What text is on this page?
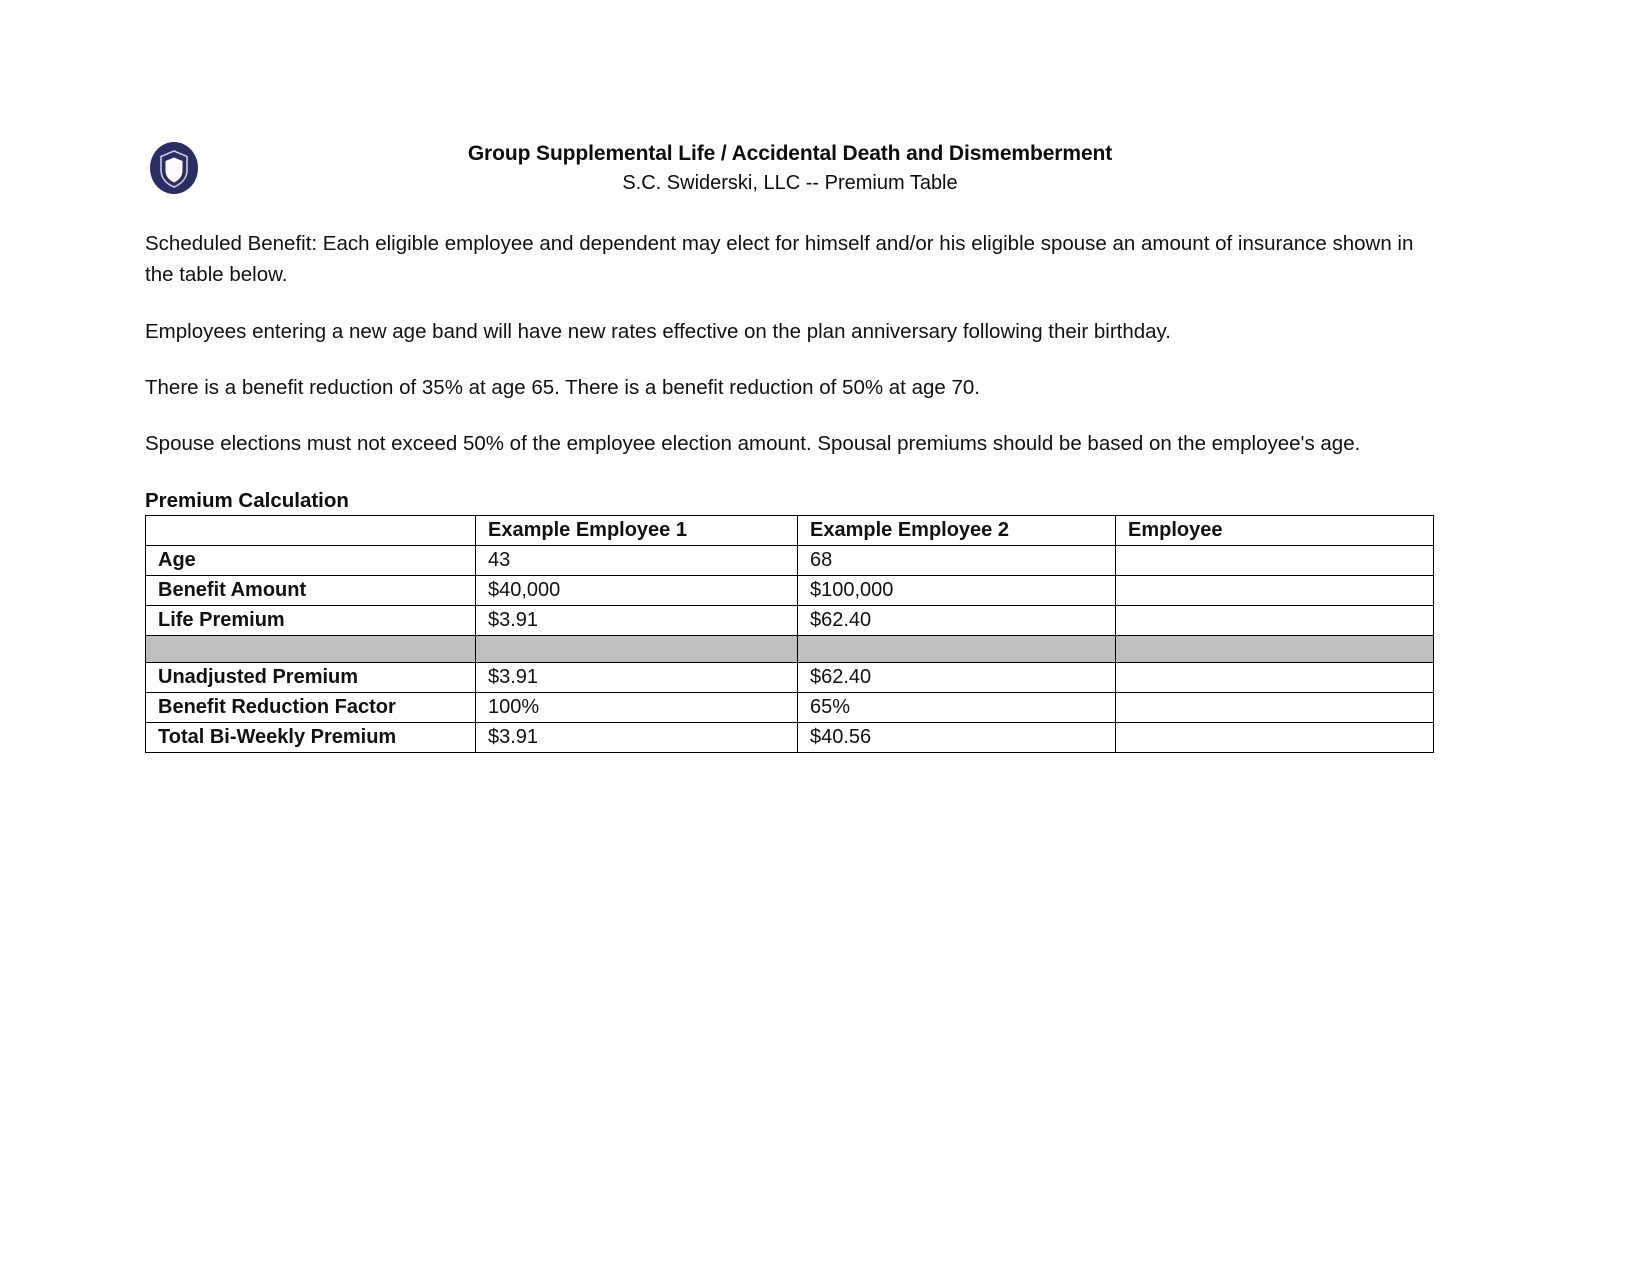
Group Supplemental Life / Accidental Death and Dismemberment
S.C. Swiderski, LLC -- Premium Table

Scheduled Benefit: Each eligible employee and dependent may elect for himself and/or his eligible spouse an amount of insurance shown in the table below.

Employees entering a new age band will have new rates effective on the plan anniversary following their birthday.

There is a benefit reduction of 35% at age 65. There is a benefit reduction of 50% at age 70.

Spouse elections must not exceed 50% of the employee election amount. Spousal premiums should be based on the employee's age.

Premium Calculation
	Example Employee 1	Example Employee 2	Employee
Age	43	68	
Benefit Amount	$40,000	$100,000	
Life Premium	$3.91	$62.40	

Unadjusted Premium	$3.91	$62.40	
Benefit Reduction Factor	100%	65%	
Total Bi-Weekly Premium	$3.91	$40.56	
